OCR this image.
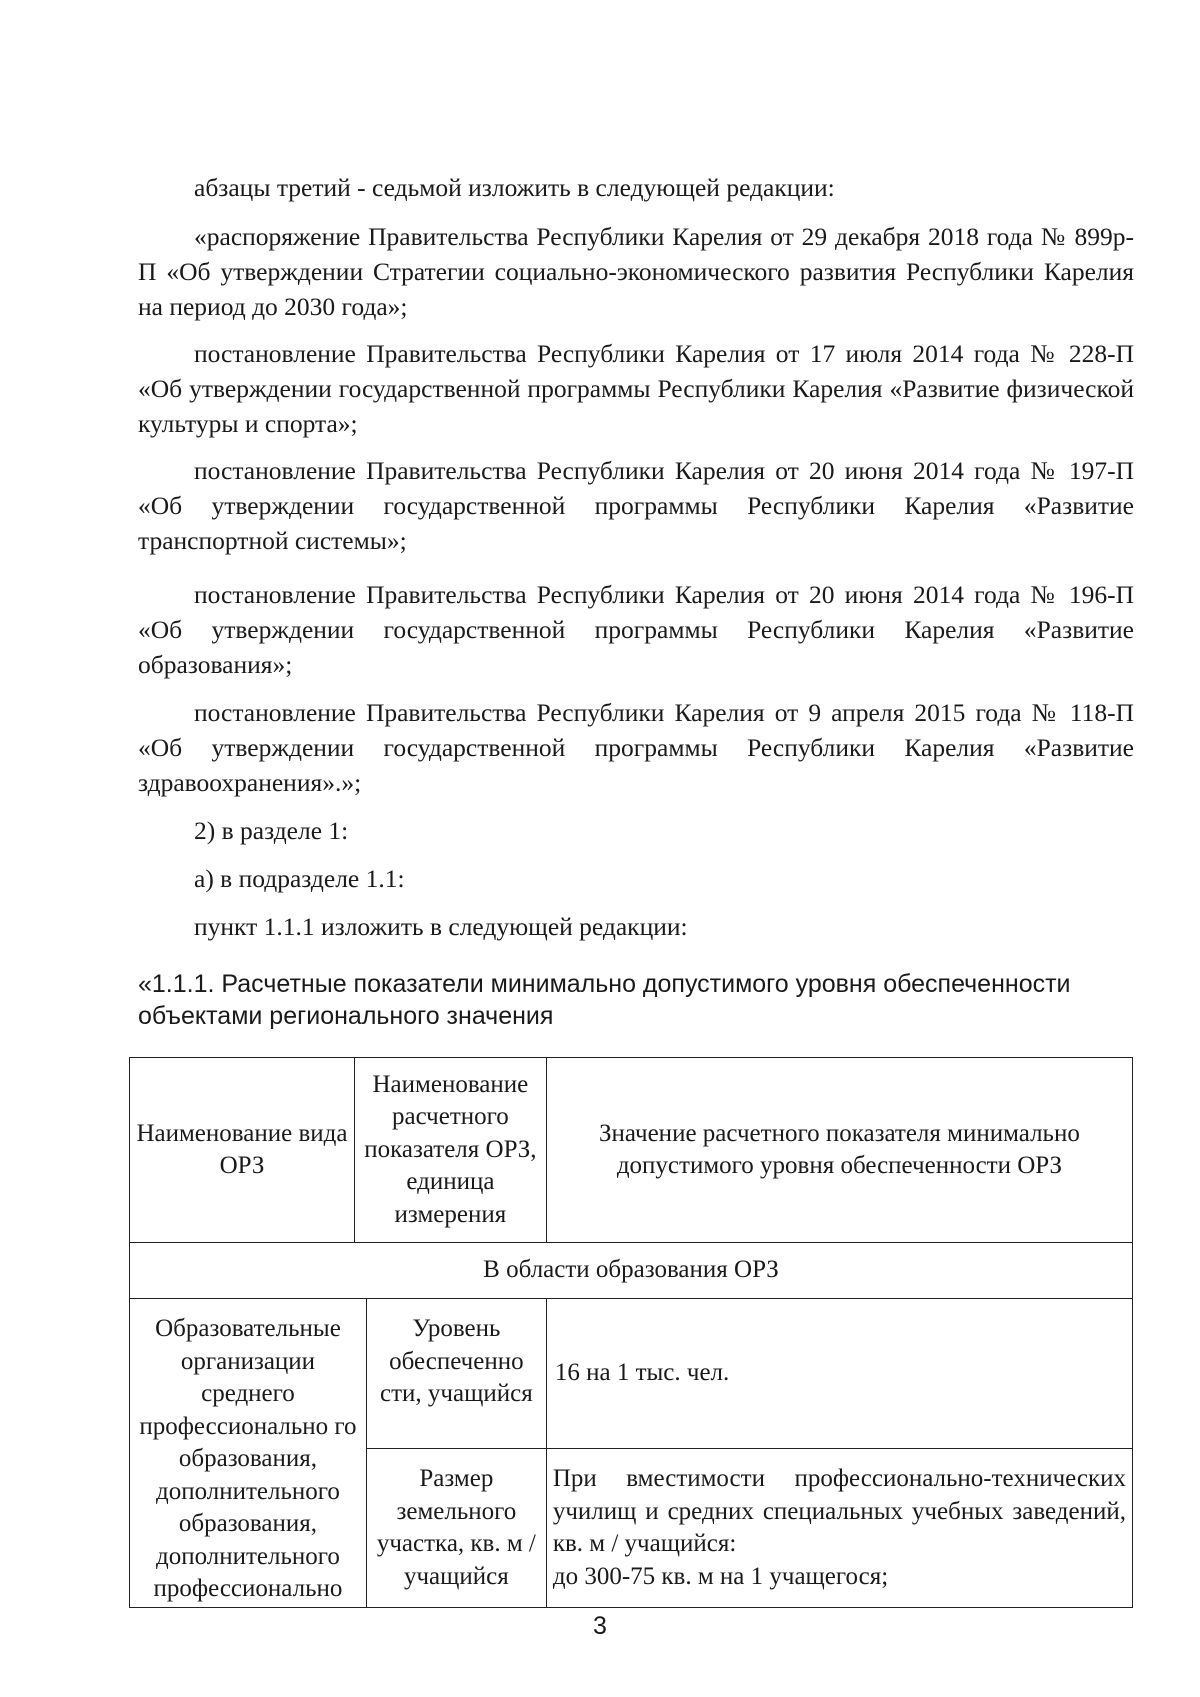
абзацы третий - седьмой изложить в следующей редакции:

«распоряжение Правительства Республики Карелия от 29 декабря 2018 года № 899р-П «Об утверждении Стратегии социально-экономического развития Республики Карелия на период до 2030 года»;

постановление Правительства Республики Карелия от 17 июля 2014 года № 228-П «Об утверждении государственной программы Республики Карелия «Развитие физической культуры и спорта»;

постановление Правительства Республики Карелия от 20 июня 2014 года № 197-П «Об утверждении государственной программы Республики Карелия «Развитие транспортной системы»;

постановление Правительства Республики Карелия от 20 июня 2014 года № 196-П «Об утверждении государственной программы Республики Карелия «Развитие образования»;

постановление Правительства Республики Карелия от 9 апреля 2015 года № 118-П «Об утверждении государственной программы Республики Карелия «Развитие здравоохранения».»;

2) в разделе 1:

а) в подразделе 1.1:

пункт 1.1.1 изложить в следующей редакции:

«1.1.1. Расчетные показатели минимально допустимого уровня обеспеченности объектами регионального значения
Наименование вида ОРЗ	Наименование расчетного показателя ОРЗ, единица измерения		Значение расчетного показателя минимально допустимого уровня обеспеченности ОРЗ
В области образования ОРЗ			
Образовательные организации среднего профессионально го образования, дополнительного образования, дополнительного профессионально		Уровень обеспеченно сти, учащийся	16 на 1 тыс. чел.
		Размер земельного участка, кв. м / учащийся	При вместимости профессионально-технических училищ и средних специальных учебных заведений, кв. м / учащийся:
до 300-75 кв. м на 1 учащегося;
3
